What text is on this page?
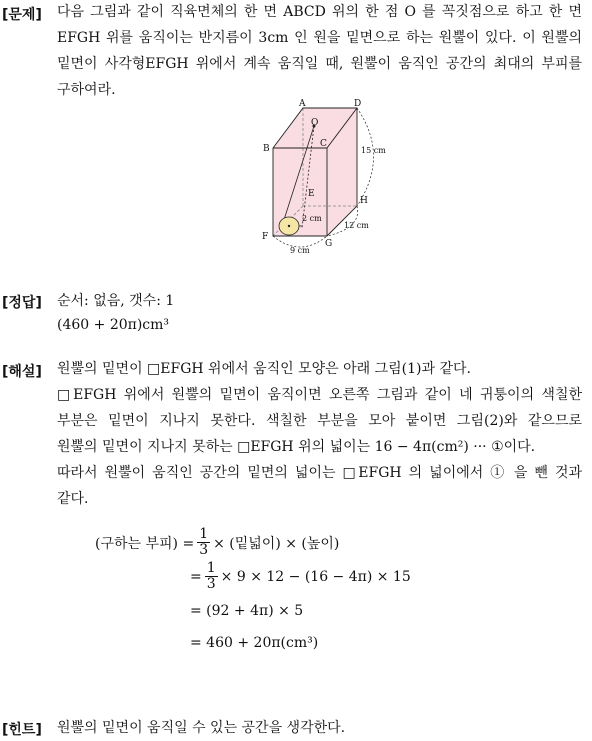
[문제] 다음 그림과 같이 직육면체의 한 면 ABCD 위의 한 점 O 를 꼭짓점으로 하고 한 면
EFGH 위를 움직이는 반지름이 3cm 인 원을 밑면으로 하는 원뿔이 있다. 이 원뿔의
밑면이 사각형EFGH 위에서 계속 움직일 때, 원뿔이 움직인 공간의 최대의 부피를
구하여라.
A	D
O
B	C
E
H
F
G
15 cm
2 cm
12 cm
9 cm
[정답] 순서: 없음, 갯수: 1
(460 + 20π)cm³
[해설] 원뿔의 밑면이 □EFGH 위에서 움직인 모양은 아래 그림(1)과 같다.
□EFGH 위에서 원뿔의 밑면이 움직이면 오른쪽 그림과 같이 네 귀퉁이의 색칠한
부분은 밑면이 지나지 못한다. 색칠한 부분을 모아 붙이면 그림(2)와 같으므로
원뿔의 밑면이 지나지 못하는 □EFGH 위의 넓이는 16 − 4π(cm²) ··· ①이다.
따라서 원뿔이 움직인 공간의 밑면의 넓이는 □EFGH 의 넓이에서 ① 을 뺀 것과
같다.
(구하는 부피) = $\frac{1}{3}$ × (밑넓이) × (높이)
= $\frac{1}{3} \times 9 \times 12 - (16 - 4\pi) \times 15$
= (92 + 4π) × 5
= 460 + 20π(cm³)
[힌트] 원뿔의 밑면이 움직일 수 있는 공간을 생각한다.
